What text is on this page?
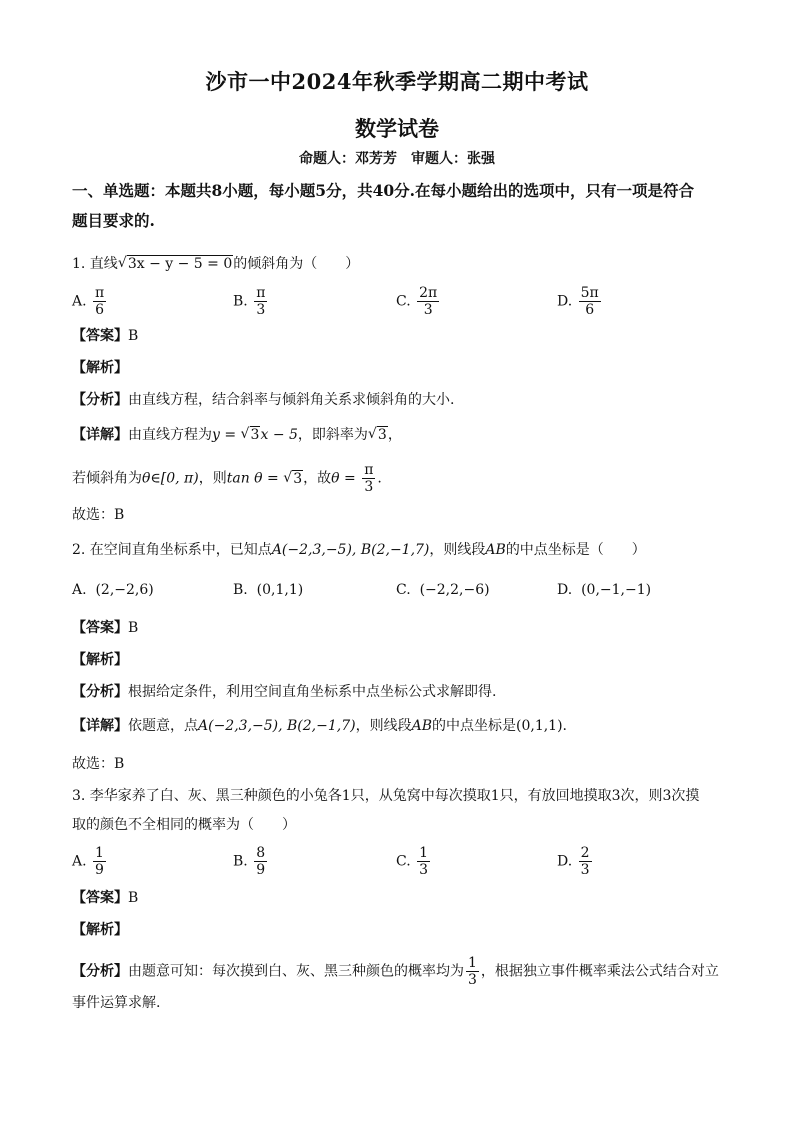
沙市一中2024年秋季学期高二期中考试
数学试卷
命题人：邓芳芳　审题人：张强
一、单选题：本题共8小题，每小题5分，共40分.在每小题给出的选项中，只有一项是符合
题目要求的.
1. 直线 √ 3x − y − 5 = 0的倾斜角为（　　）
A. $\frac{\pi}{6}$	B. $\frac{\pi}{3}$	C. $\frac{2\pi}{3}$	D. $\frac{5\pi}{6}$
【答案】B
【解析】
【分析】由直线方程，结合斜率与倾斜角关系求倾斜角的大小.
【详解】由直线方程为y = √ 3x − 5，即斜率为 √ 3，
若倾斜角为θ∈[0, π)，则tan θ = √ 3，故$\theta = \frac{\pi}{3}$ .
故选：B
2. 在空间直角坐标系中，已知点A(−2,3,−5), B(2,−1,7)，则线段AB的中点坐标是（　　）
A. (2,−2,6)	B. (0,1,1)	C. (−2,2,−6)	D. (0,−1,−1)
【答案】B
【解析】
【分析】根据给定条件，利用空间直角坐标系中点坐标公式求解即得.
【详解】依题意，点A(−2,3,−5), B(2,−1,7)，则线段AB的中点坐标是(0,1,1).
故选：B
3. 李华家养了白、灰、黑三种颜色的小兔各1只，从兔窝中每次摸取1只，有放回地摸取3次，则3次摸
取的颜色不全相同的概率为（　　）
A. $\frac{1}{9}$	B. $\frac{8}{9}$	C. $\frac{1}{3}$	D. $\frac{2}{3}$
【答案】B
【解析】
【分析】由题意可知：每次摸到白、灰、黑三种颜色的概率均为 $\frac{1}{3}$ ，根据独立事件概率乘法公式结合对立
事件运算求解.
